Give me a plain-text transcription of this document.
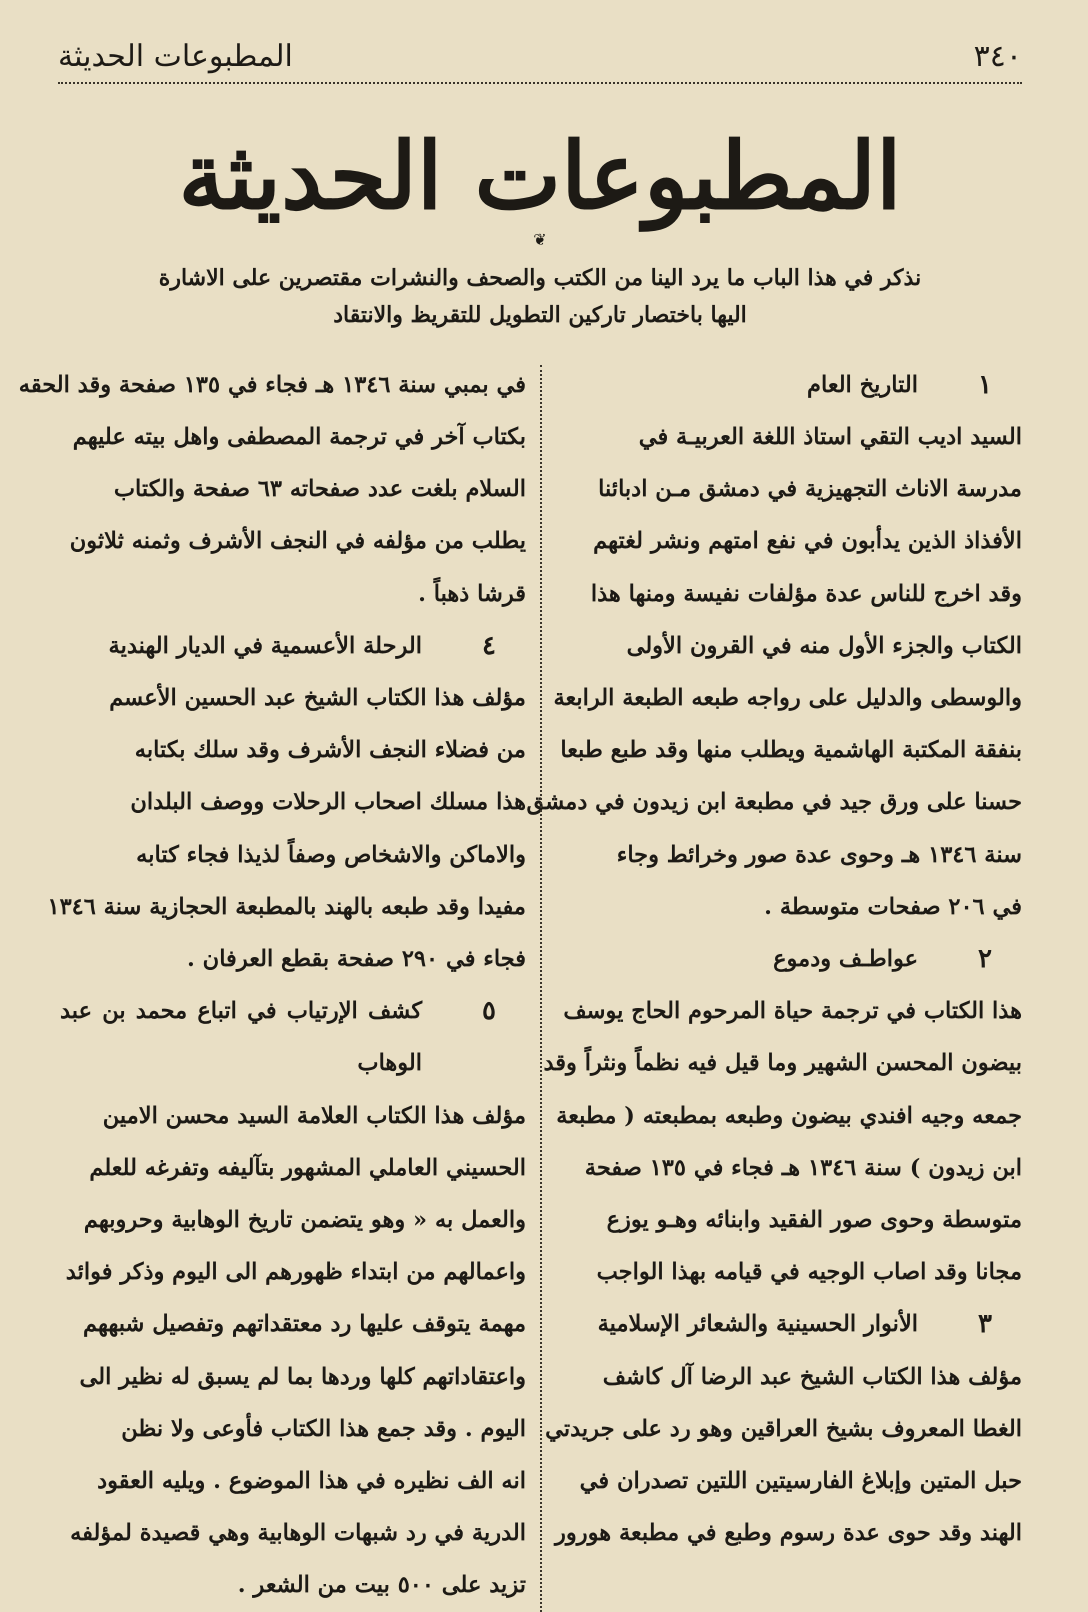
٣٤٠
المطبوعات الحديثة
المطبوعات الحديثة
❦
نذكر في هذا الباب ما يرد الينا من الكتب والصحف والنشرات مقتصرين على الاشارة
اليها باختصار تاركين التطويل للتقريظ والانتقاد
١
التاريخ العام
السيد اديب التقي استاذ اللغة العربيـة في
مدرسة الاناث التجهيزية في دمشق مـن ادبائنا
الأفذاذ الذين يدأبون في نفع امتهم ونشر لغتهم
وقد اخرج للناس عدة مؤلفات نفيسة ومنها هذا
الكتاب والجزء الأول منه في القرون الأولى
والوسطى والدليل على رواجه طبعه الطبعة الرابعة
بنفقة المكتبة الهاشمية ويطلب منها وقد طبع طبعا
حسنا على ورق جيد في مطبعة ابن زيدون في دمشق
سنة ١٣٤٦ هـ وحوى عدة صور وخرائط وجاء
في ٢٠٦ صفحات متوسطة .
٢
عواطـف ودموع
هذا الكتاب في ترجمة حياة المرحوم الحاج يوسف
بيضون المحسن الشهير وما قيل فيه نظماً ونثراً وقد
جمعه وجيه افندي بيضون وطبعه بمطبعته ( مطبعة
ابن زيدون ) سنة ١٣٤٦ هـ فجاء في ١٣٥ صفحة
متوسطة وحوى صور الفقيد وابنائه وهـو يوزع
مجانا وقد اصاب الوجيه في قيامه بهذا الواجب
٣
الأنوار الحسينية والشعائر الإسلامية
مؤلف هذا الكتاب الشيخ عبد الرضا آل كاشف
الغطا المعروف بشيخ العراقين وهو رد على جريدتي
حبل المتين وإبلاغ الفارسيتين اللتين تصدران في
الهند وقد حوى عدة رسوم وطبع في مطبعة هورور
في بمبي سنة ١٣٤٦ هـ فجاء في ١٣٥ صفحة وقد الحقه
بكتاب آخر في ترجمة المصطفى واهل بيته عليهم
السلام بلغت عدد صفحاته ٦٣ صفحة والكتاب
يطلب من مؤلفه في النجف الأشرف وثمنه ثلاثون
قرشا ذهباً .
٤
الرحلة الأعسمية في الديار الهندية
مؤلف هذا الكتاب الشيخ عبد الحسين الأعسم
من فضلاء النجف الأشرف وقد سلك بكتابه
هذا مسلك اصحاب الرحلات ووصف البلدان
والاماكن والاشخاص وصفاً لذيذا فجاء كتابه
مفيدا وقد طبعه بالهند بالمطبعة الحجازية سنة ١٣٤٦
فجاء في ٢٩٠ صفحة بقطع العرفان .
٥
كشف الإرتياب في اتباع محمد بن عبد الوهاب
مؤلف هذا الكتاب العلامة السيد محسن الامين
الحسيني العاملي المشهور بتآليفه وتفرغه للعلم
والعمل به « وهو يتضمن تاريخ الوهابية وحروبهم
واعمالهم من ابتداء ظهورهم الى اليوم وذكر فوائد
مهمة يتوقف عليها رد معتقداتهم وتفصيل شبههم
واعتقاداتهم كلها وردها بما لم يسبق له نظير الى
اليوم . وقد جمع هذا الكتاب فأوعى ولا نظن
انه الف نظيره في هذا الموضوع . ويليه العقود
الدرية في رد شبهات الوهابية وهي قصيدة لمؤلفه
تزيد على ٥٠٠ بيت من الشعر .
